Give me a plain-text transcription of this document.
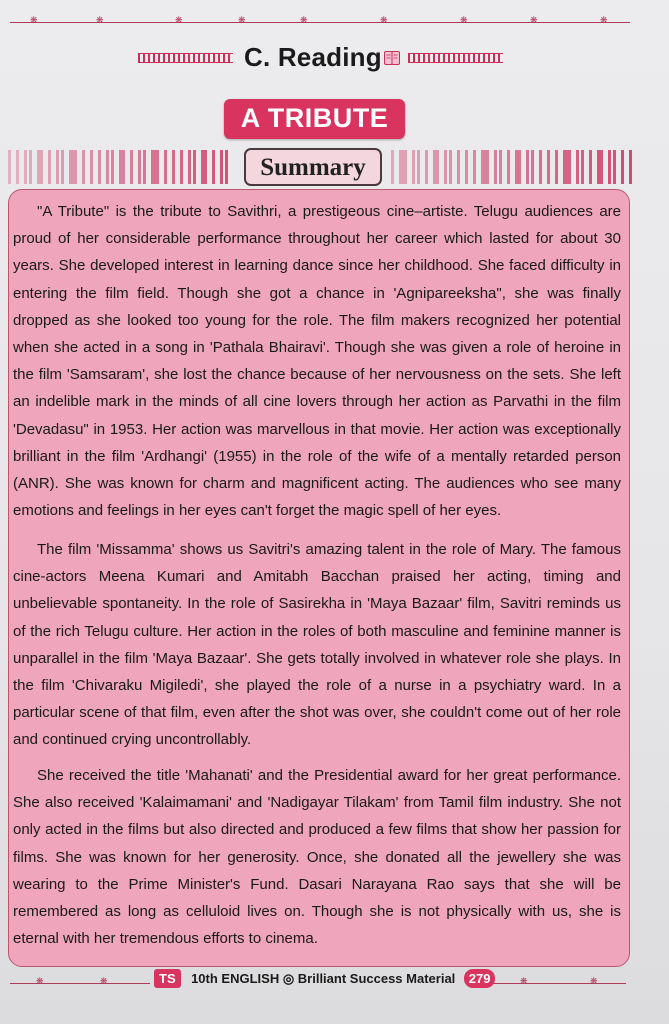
❋	❋	❋	❋	❋	❋	❋	❋	❋
C. Reading
A TRIBUTE
Summary

"A Tribute" is the tribute to Savithri, a prestigeous cine–artiste. Telugu audiences are proud of her considerable performance throughout her career which lasted for about 30 years. She developed interest in learning dance since her childhood. She faced difficulty in entering the film field. Though she got a chance in 'Agnipareeksha", she was finally dropped as she looked too young for the role. The film makers recognized her potential when she acted in a song in 'Pathala Bhairavi'. Though she was given a role of heroine in the film 'Samsaram', she lost the chance because of her nervousness on the sets. She left an indelible mark in the minds of all cine lovers through her action as Parvathi in the film 'Devadasu" in 1953. Her action was marvellous in that movie. Her action was exceptionally brilliant in the film 'Ardhangi' (1955) in the role of the wife of a mentally retarded person (ANR). She was known for charm and magnificent acting. The audiences who see many emotions and feelings in her eyes can't forget the magic spell of her eyes.

The film 'Missamma' shows us Savitri's amazing talent in the role of Mary. The famous cine-actors Meena Kumari and Amitabh Bacchan praised her acting, timing and unbelievable spontaneity. In the role of Sasirekha in 'Maya Bazaar' film, Savitri reminds us of the rich Telugu culture. Her action in the roles of both masculine and feminine manner is unparallel in the film 'Maya Bazaar'. She gets totally involved in whatever role she plays. In the film 'Chivaraku Migiledi', she played the role of a nurse in a psychiatry ward. In a particular scene of that film, even after the shot was over, she couldn't come out of her role and continued crying uncontrollably.

She received the title 'Mahanati' and the Presidential award for her great performance. She also received 'Kalaimamani' and 'Nadigayar Tilakam' from Tamil film industry. She not only acted in the films but also directed and produced a few films that show her passion for films. She was known for her generosity. Once, she donated all the jewellery she was wearing to the Prime Minister's Fund. Dasari Narayana Rao says that she will be remembered as long as celluloid lives on. Though she is not physically with us, she is eternal with her tremendous efforts to cinema.

❋	❋	❋	❋
TS 10th ENGLISH ◎ Brilliant Success Material 279
